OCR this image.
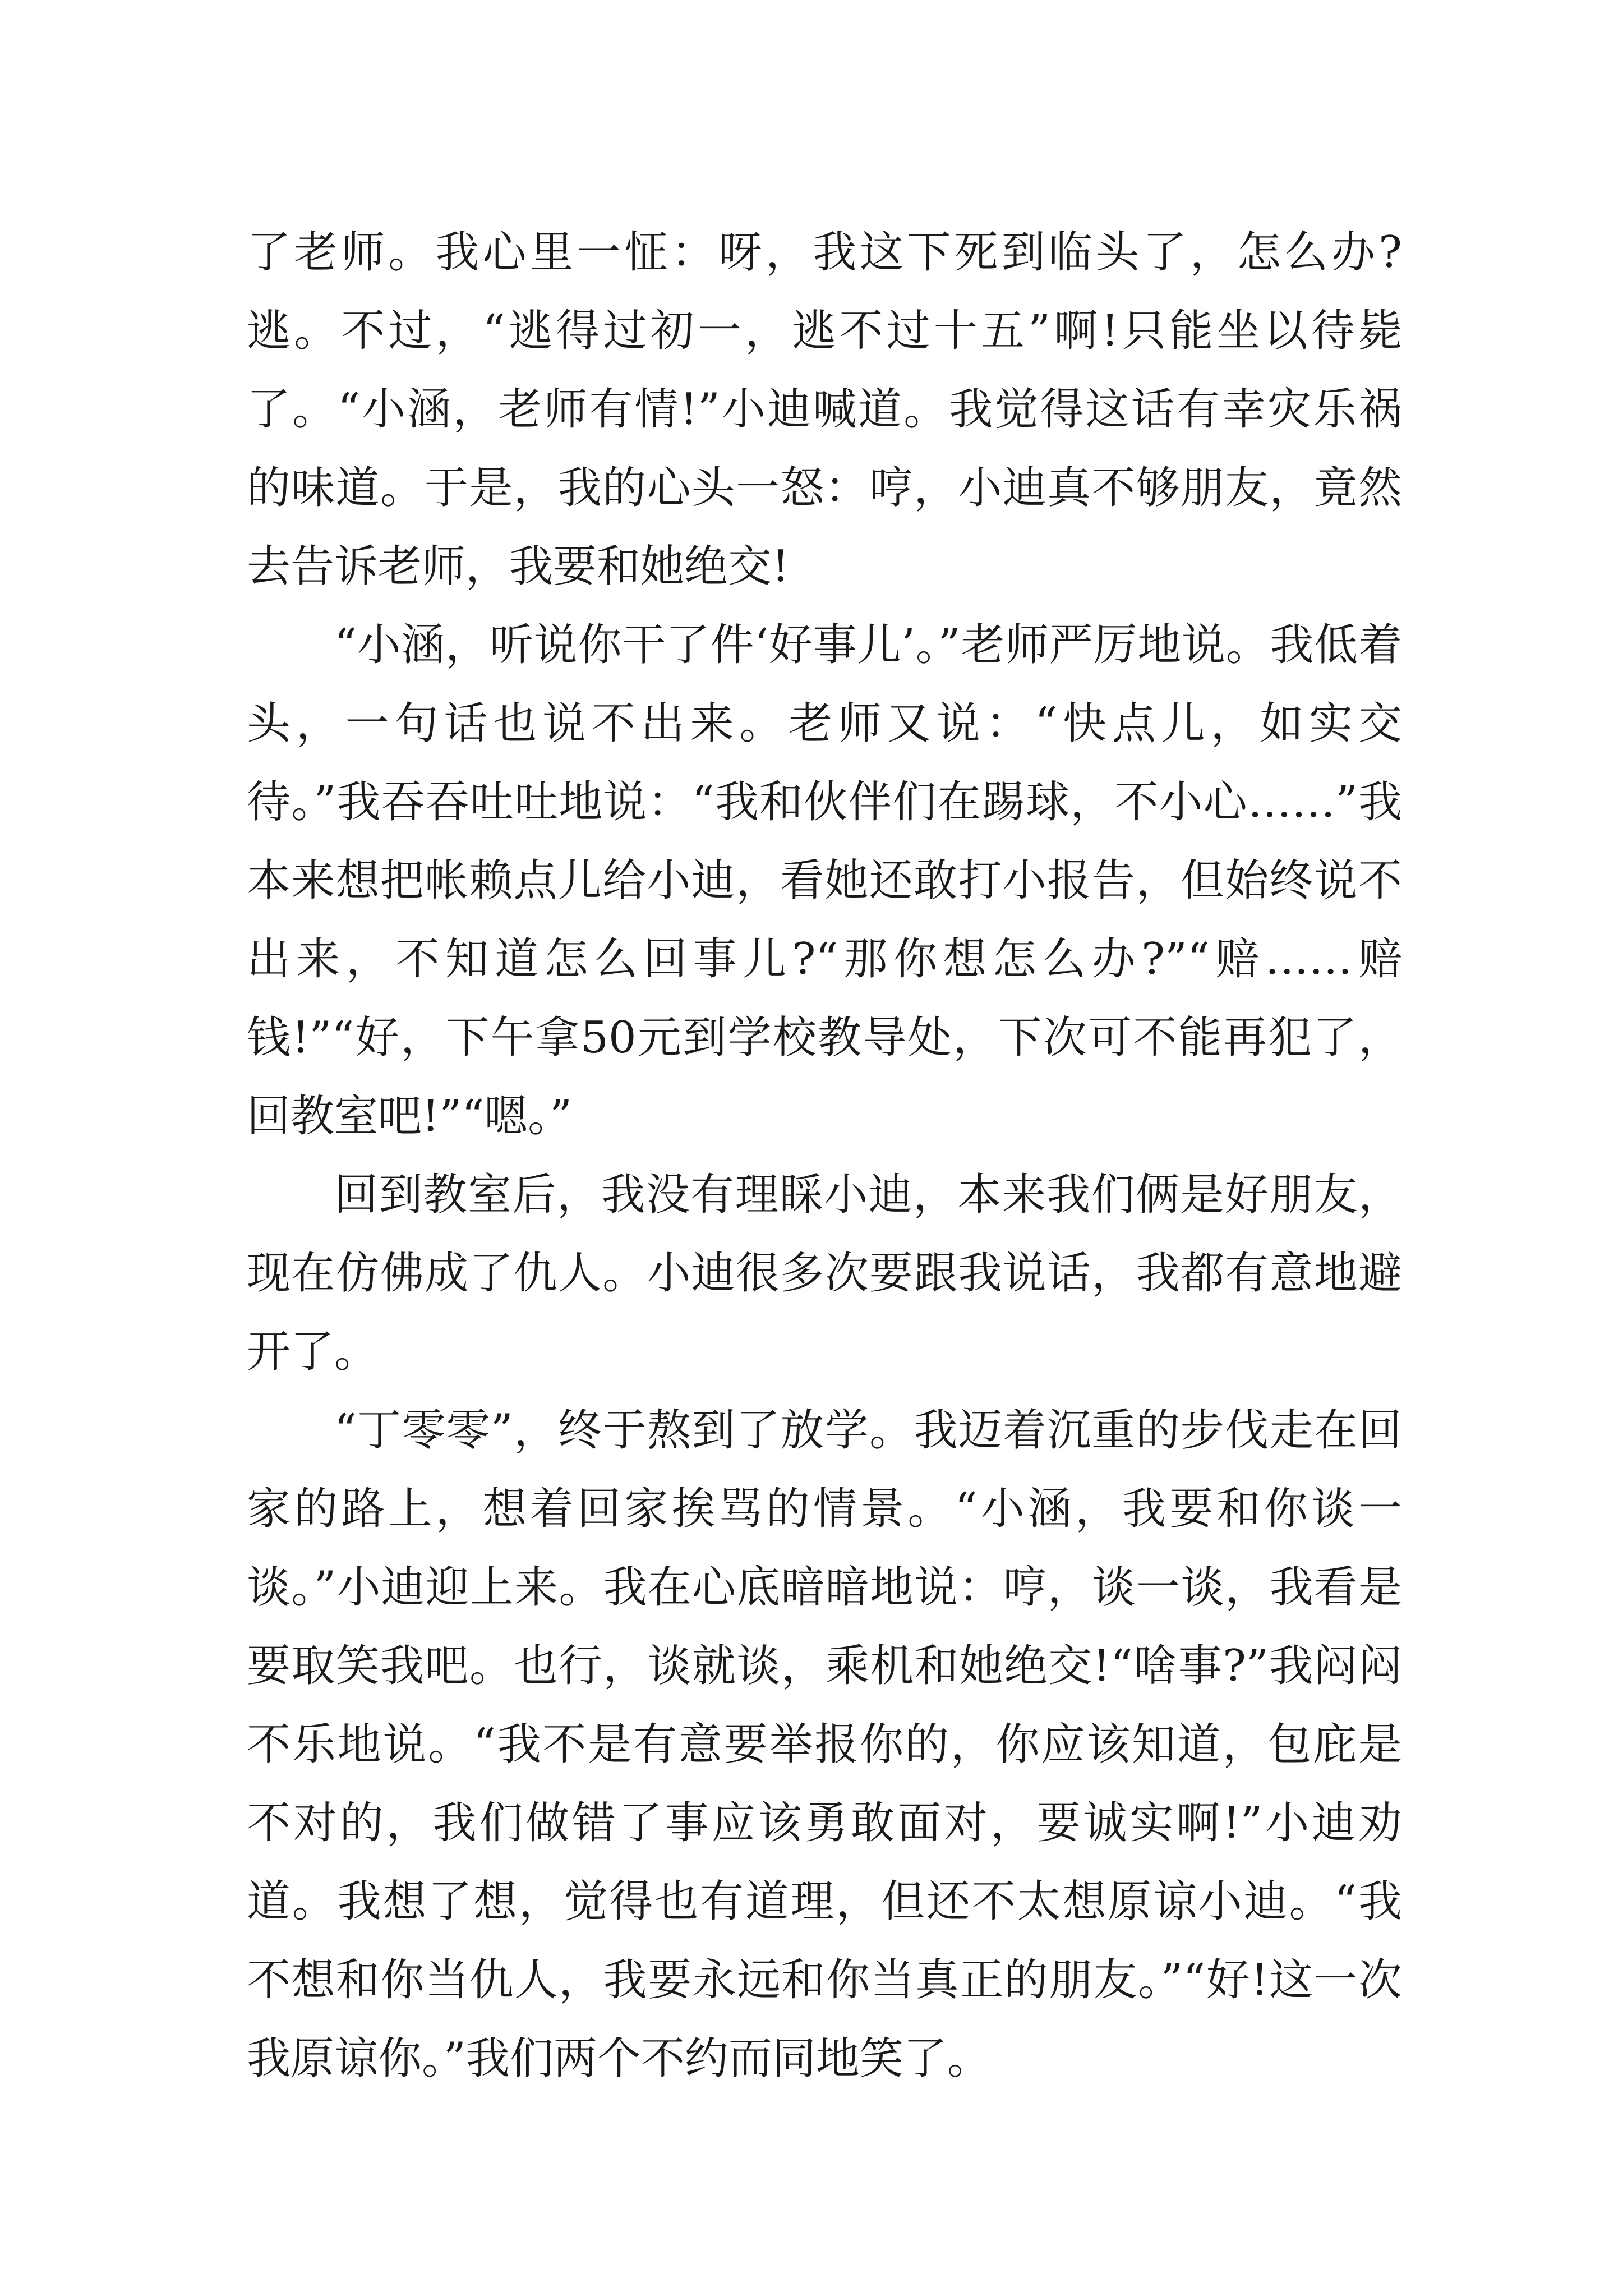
了老师。我心里一怔：呀，我这下死到临头了，怎么办?逃。不过，“逃得过初一，逃不过十五”啊!只能坐以待毙了。“小涵，老师有情!”小迪喊道。我觉得这话有幸灾乐祸的味道。于是，我的心头一怒：哼，小迪真不够朋友，竟然去告诉老师，我要和她绝交!

“小涵，听说你干了件‘好事儿’。”老师严厉地说。我低着头，一句话也说不出来。老师又说：“快点儿，如实交待。”我吞吞吐吐地说：“我和伙伴们在踢球，不小心……”我本来想把帐赖点儿给小迪，看她还敢打小报告，但始终说不出来，不知道怎么回事儿?“那你想怎么办?”“赔……赔钱!”“好，下午拿50元到学校教导处，下次可不能再犯了，回教室吧!”“嗯。”

回到教室后，我没有理睬小迪，本来我们俩是好朋友，现在仿佛成了仇人。小迪很多次要跟我说话，我都有意地避开了。

“丁零零”，终于熬到了放学。我迈着沉重的步伐走在回家的路上，想着回家挨骂的情景。“小涵，我要和你谈一谈。”小迪迎上来。我在心底暗暗地说：哼，谈一谈，我看是要取笑我吧。也行，谈就谈，乘机和她绝交!“啥事?”我闷闷不乐地说。“我不是有意要举报你的，你应该知道，包庇是不对的，我们做错了事应该勇敢面对，要诚实啊!”小迪劝道。我想了想，觉得也有道理，但还不太想原谅小迪。“我不想和你当仇人，我要永远和你当真正的朋友。”“好!这一次我原谅你。”我们两个不约而同地笑了。
